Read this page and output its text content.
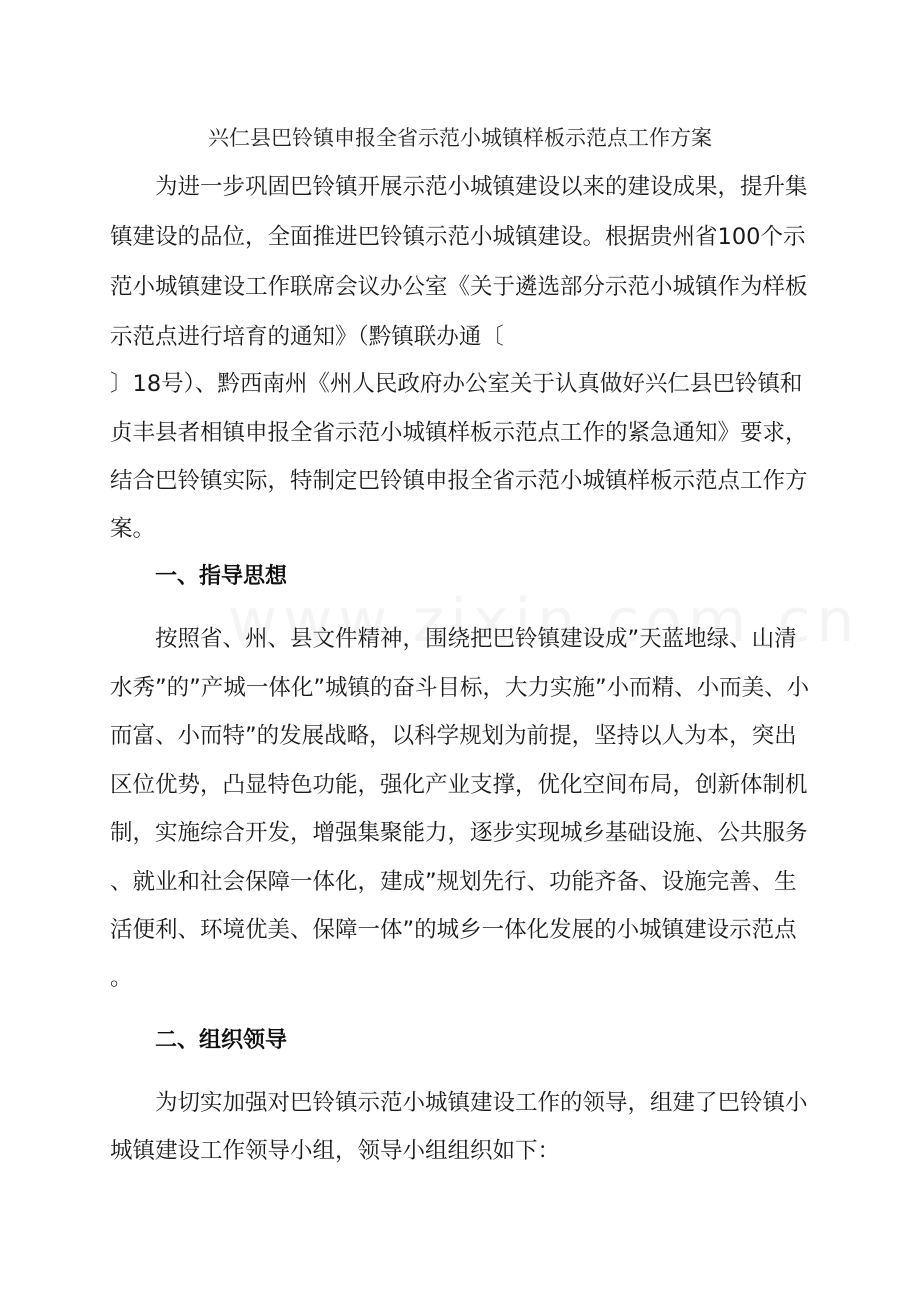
兴仁县巴铃镇申报全省示范小城镇样板示范点工作方案
为进一步巩固巴铃镇开展示范小城镇建设以来的建设成果，提升集
镇建设的品位，全面推进巴铃镇示范小城镇建设。根据贵州省100个示
范小城镇建设工作联席会议办公室《关于遴选部分示范小城镇作为样板
示范点进行培育的通知》（黔镇联办通〔
〕18号）、黔西南州《州人民政府办公室关于认真做好兴仁县巴铃镇和
贞丰县者相镇申报全省示范小城镇样板示范点工作的紧急通知》要求，
结合巴铃镇实际，特制定巴铃镇申报全省示范小城镇样板示范点工作方
案。
一、指导思想
按照省、州、县文件精神，围绕把巴铃镇建设成”天蓝地绿、山清
水秀”的”产城一体化”城镇的奋斗目标，大力实施”小而精、小而美、小
而富、小而特”的发展战略，以科学规划为前提，坚持以人为本，突出
区位优势，凸显特色功能，强化产业支撑，优化空间布局，创新体制机
制，实施综合开发，增强集聚能力，逐步实现城乡基础设施、公共服务
、就业和社会保障一体化，建成”规划先行、功能齐备、设施完善、生
活便利、环境优美、保障一体”的城乡一体化发展的小城镇建设示范点
。
二、组织领导
为切实加强对巴铃镇示范小城镇建设工作的领导，组建了巴铃镇小
城镇建设工作领导小组，领导小组组织如下：
